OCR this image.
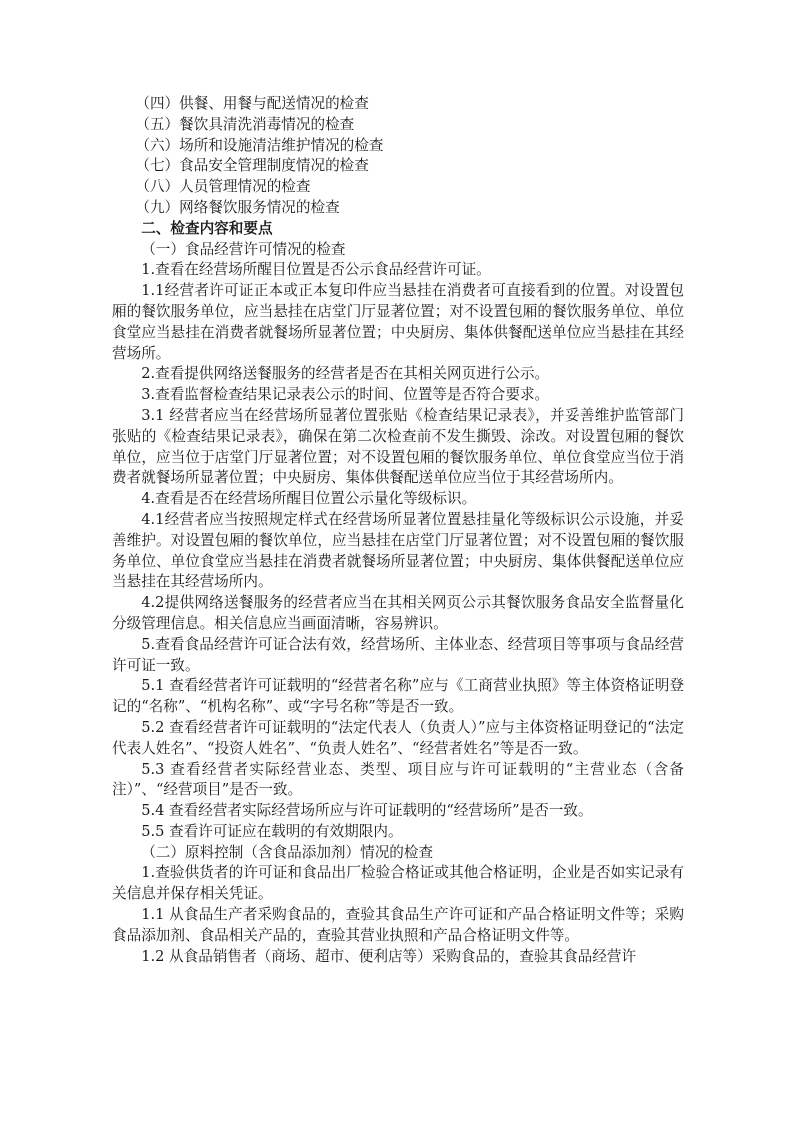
（四）供餐、用餐与配送情况的检查

（五）餐饮具清洗消毒情况的检查

（六）场所和设施清洁维护情况的检查

（七）食品安全管理制度情况的检查

（八）人员管理情况的检查

（九）网络餐饮服务情况的检查

二、检查内容和要点

（一）食品经营许可情况的检查

1.查看在经营场所醒目位置是否公示食品经营许可证。

1.1经营者许可证正本或正本复印件应当悬挂在消费者可直接看到的位置。对设置包厢的餐饮服务单位，应当悬挂在店堂门厅显著位置；对不设置包厢的餐饮服务单位、单位食堂应当悬挂在消费者就餐场所显著位置；中央厨房、集体供餐配送单位应当悬挂在其经营场所。

2.查看提供网络送餐服务的经营者是否在其相关网页进行公示。

3.查看监督检查结果记录表公示的时间、位置等是否符合要求。

3.1 经营者应当在经营场所显著位置张贴《检查结果记录表》，并妥善维护监管部门张贴的《检查结果记录表》，确保在第二次检查前不发生撕毁、涂改。对设置包厢的餐饮单位，应当位于店堂门厅显著位置；对不设置包厢的餐饮服务单位、单位食堂应当位于消费者就餐场所显著位置；中央厨房、集体供餐配送单位应当位于其经营场所内。

4.查看是否在经营场所醒目位置公示量化等级标识。

4.1经营者应当按照规定样式在经营场所显著位置悬挂量化等级标识公示设施，并妥善维护。对设置包厢的餐饮单位，应当悬挂在店堂门厅显著位置；对不设置包厢的餐饮服务单位、单位食堂应当悬挂在消费者就餐场所显著位置；中央厨房、集体供餐配送单位应当悬挂在其经营场所内。

4.2提供网络送餐服务的经营者应当在其相关网页公示其餐饮服务食品安全监督量化分级管理信息。相关信息应当画面清晰，容易辨识。

5.查看食品经营许可证合法有效，经营场所、主体业态、经营项目等事项与食品经营许可证一致。

5.1 查看经营者许可证载明的“经营者名称”应与《工商营业执照》等主体资格证明登记的“名称”、“机构名称”、或“字号名称”等是否一致。

5.2 查看经营者许可证载明的“法定代表人（负责人）”应与主体资格证明登记的“法定代表人姓名”、“投资人姓名”、“负责人姓名”、“经营者姓名”等是否一致。

5.3 查看经营者实际经营业态、类型、项目应与许可证载明的“主营业态（含备注）”、“经营项目”是否一致。

5.4 查看经营者实际经营场所应与许可证载明的“经营场所”是否一致。

5.5 查看许可证应在载明的有效期限内。

（二）原料控制（含食品添加剂）情况的检查

1.查验供货者的许可证和食品出厂检验合格证或其他合格证明，企业是否如实记录有关信息并保存相关凭证。

1.1 从食品生产者采购食品的，查验其食品生产许可证和产品合格证明文件等；采购食品添加剂、食品相关产品的，查验其营业执照和产品合格证明文件等。

1.2 从食品销售者（商场、超市、便利店等）采购食品的，查验其食品经营许
